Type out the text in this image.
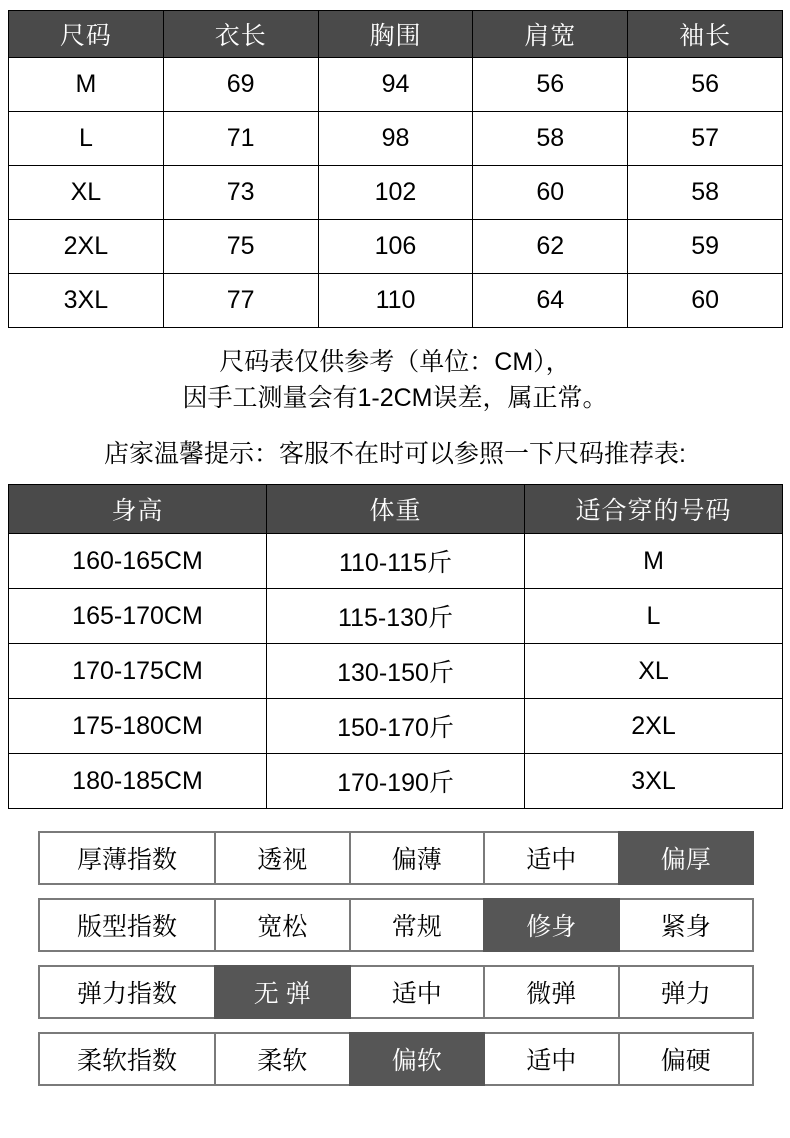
尺码	衣长	胸围	肩宽	袖长
M	69	94	56	56
L	71	98	58	57
XL	73	102	60	58
2XL	75	106	62	59
3XL	77	110	64	60
尺码表仅供参考（单位：CM），
因手工测量会有1-2CM误差，属正常。
店家温馨提示：客服不在时可以参照一下尺码推荐表:
身高	体重	适合穿的号码
160-165CM	110-115斤	M
165-170CM	115-130斤	L
170-175CM	130-150斤	XL
175-180CM	150-170斤	2XL
180-185CM	170-190斤	3XL
厚薄指数	透视	偏薄	适中	偏厚
版型指数	宽松	常规	修身	紧身
弹力指数	无 弹	适中	微弹	弹力
柔软指数	柔软	偏软	适中	偏硬
